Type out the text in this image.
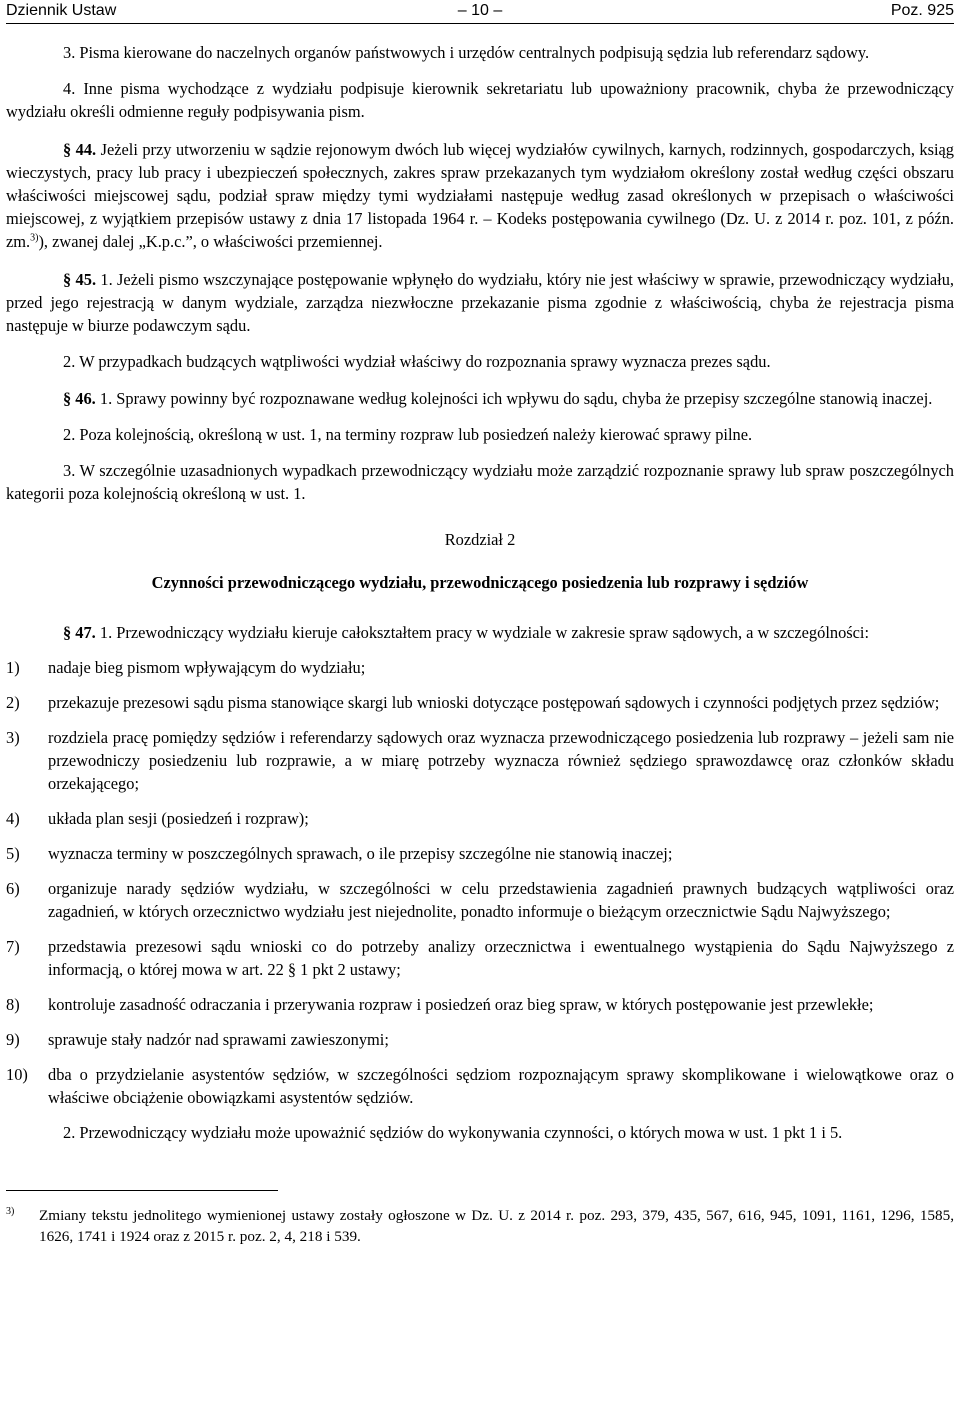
Dziennik Ustaw	– 10 –	Poz. 925

3. Pisma kierowane do naczelnych organów państwowych i urzędów centralnych podpisują sędzia lub referendarz sądowy.

4. Inne pisma wychodzące z wydziału podpisuje kierownik sekretariatu lub upoważniony pracownik, chyba że przewodniczący wydziału określi odmienne reguły podpisywania pism.

§ 44. Jeżeli przy utworzeniu w sądzie rejonowym dwóch lub więcej wydziałów cywilnych, karnych, rodzinnych, gospodarczych, ksiąg wieczystych, pracy lub pracy i ubezpieczeń społecznych, zakres spraw przekazanych tym wydziałom określony został według części obszaru właściwości miejscowej sądu, podział spraw między tymi wydziałami następuje według zasad określonych w przepisach o właściwości miejscowej, z wyjątkiem przepisów ustawy z dnia 17 listopada 1964 r. – Kodeks postępowania cywilnego (Dz. U. z 2014 r. poz. 101, z późn. zm.$^{3)}$), zwanej dalej „K.p.c.”, o właściwości przemiennej.

§ 45. 1. Jeżeli pismo wszczynające postępowanie wpłynęło do wydziału, który nie jest właściwy w sprawie, przewodniczący wydziału, przed jego rejestracją w danym wydziale, zarządza niezwłoczne przekazanie pisma zgodnie z właściwością, chyba że rejestracja pisma następuje w biurze podawczym sądu.

2. W przypadkach budzących wątpliwości wydział właściwy do rozpoznania sprawy wyznacza prezes sądu.

§ 46. 1. Sprawy powinny być rozpoznawane według kolejności ich wpływu do sądu, chyba że przepisy szczególne stanowią inaczej.

2. Poza kolejnością, określoną w ust. 1, na terminy rozpraw lub posiedzeń należy kierować sprawy pilne.

3. W szczególnie uzasadnionych wypadkach przewodniczący wydziału może zarządzić rozpoznanie sprawy lub spraw poszczególnych kategorii poza kolejnością określoną w ust. 1.

Rozdział 2

Czynności przewodniczącego wydziału, przewodniczącego posiedzenia lub rozprawy i sędziów

§ 47. 1. Przewodniczący wydziału kieruje całokształtem pracy w wydziale w zakresie spraw sądowych, a w szczególności:

1)	nadaje bieg pismom wpływającym do wydziału;
2)	przekazuje prezesowi sądu pisma stanowiące skargi lub wnioski dotyczące postępowań sądowych i czynności podjętych przez sędziów;
3)	rozdziela pracę pomiędzy sędziów i referendarzy sądowych oraz wyznacza przewodniczącego posiedzenia lub rozprawy – jeżeli sam nie przewodniczy posiedzeniu lub rozprawie, a w miarę potrzeby wyznacza również sędziego sprawozdawcę oraz członków składu orzekającego;
4)	układa plan sesji (posiedzeń i rozpraw);
5)	wyznacza terminy w poszczególnych sprawach, o ile przepisy szczególne nie stanowią inaczej;
6)	organizuje narady sędziów wydziału, w szczególności w celu przedstawienia zagadnień prawnych budzących wątpliwości oraz zagadnień, w których orzecznictwo wydziału jest niejednolite, ponadto informuje o bieżącym orzecznictwie Sądu Najwyższego;
7)	przedstawia prezesowi sądu wnioski co do potrzeby analizy orzecznictwa i ewentualnego wystąpienia do Sądu Najwyższego z informacją, o której mowa w art. 22 § 1 pkt 2 ustawy;
8)	kontroluje zasadność odraczania i przerywania rozpraw i posiedzeń oraz bieg spraw, w których postępowanie jest przewlekłe;
9)	sprawuje stały nadzór nad sprawami zawieszonymi;
10)	dba o przydzielanie asystentów sędziów, w szczególności sędziom rozpoznającym sprawy skomplikowane i wielowątkowe oraz o właściwe obciążenie obowiązkami asystentów sędziów.

2. Przewodniczący wydziału może upoważnić sędziów do wykonywania czynności, o których mowa w ust. 1 pkt 1 i 5.

3)	Zmiany tekstu jednolitego wymienionej ustawy zostały ogłoszone w Dz. U. z 2014 r. poz. 293, 379, 435, 567, 616, 945, 1091, 1161, 1296, 1585, 1626, 1741 i 1924 oraz z 2015 r. poz. 2, 4, 218 i 539.
